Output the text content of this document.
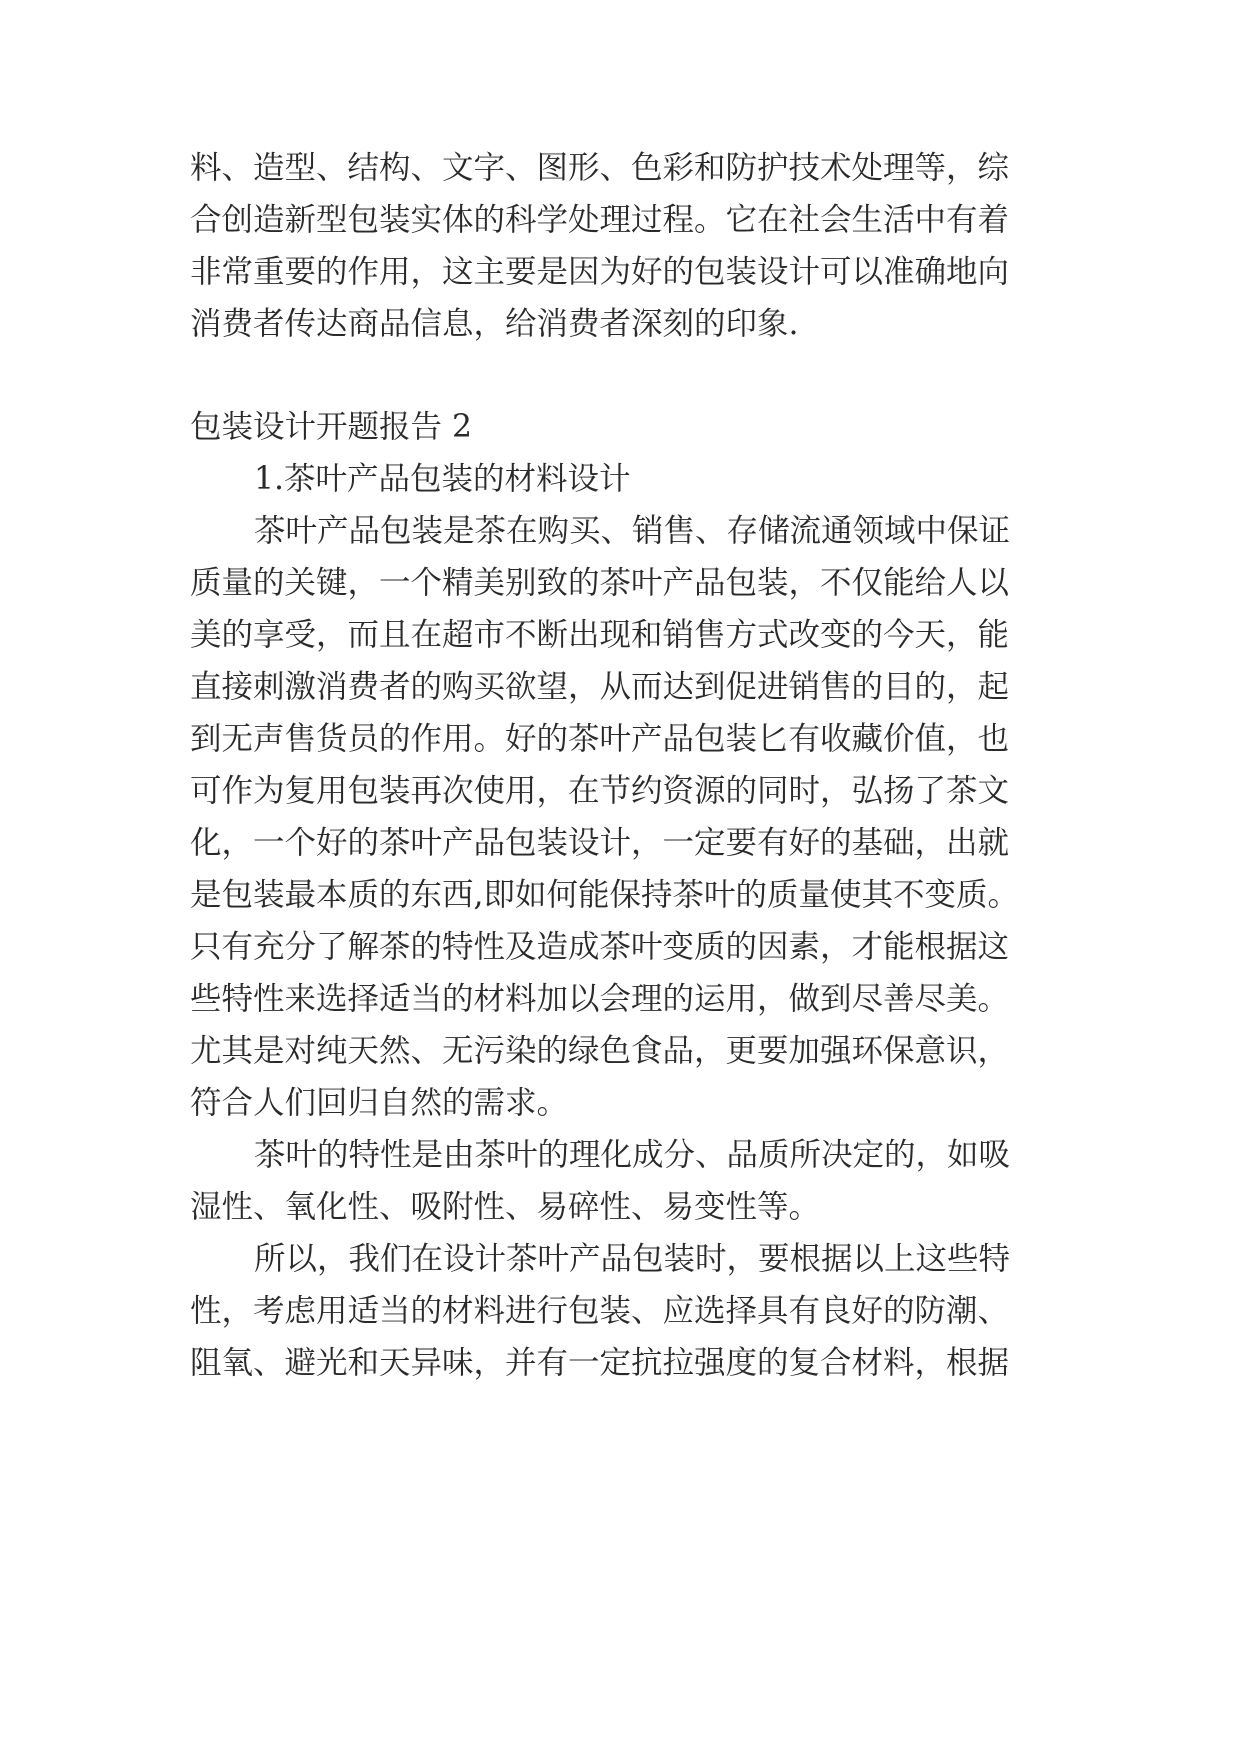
料、造型、结构、文字、图形、色彩和防护技术处理等，综
合创造新型包装实体的科学处理过程。它在社会生活中有着
非常重要的作用，这主要是因为好的包装设计可以准确地向
消费者传达商品信息，给消费者深刻的印象.
包装设计开题报告 2
1.茶叶产品包装的材料设计
茶叶产品包装是茶在购买、销售、存储流通领域中保证
质量的关键，一个精美别致的茶叶产品包装，不仅能给人以
美的享受，而且在超市不断出现和销售方式改变的今天，能
直接刺激消费者的购买欲望，从而达到促进销售的目的，起
到无声售货员的作用。好的茶叶产品包装匕有收藏价值，也
可作为复用包装再次使用，在节约资源的同时，弘扬了茶文
化，一个好的茶叶产品包装设计，一定要有好的基础，出就
是包装最本质的东西,即如何能保持茶叶的质量使其不变质。
只有充分了解茶的特性及造成茶叶变质的因素，才能根据这
些特性来选择适当的材料加以会理的运用，做到尽善尽美。
尤其是对纯天然、无污染的绿色食品，更要加强环保意识，
符合人们回归自然的需求。
茶叶的特性是由茶叶的理化成分、品质所决定的，如吸
湿性、氧化性、吸附性、易碎性、易变性等。
所以，我们在设计茶叶产品包装时，要根据以上这些特
性，考虑用适当的材料进行包装、应选择具有良好的防潮、
阻氧、避光和天异味，并有一定抗拉强度的复合材料，根据
